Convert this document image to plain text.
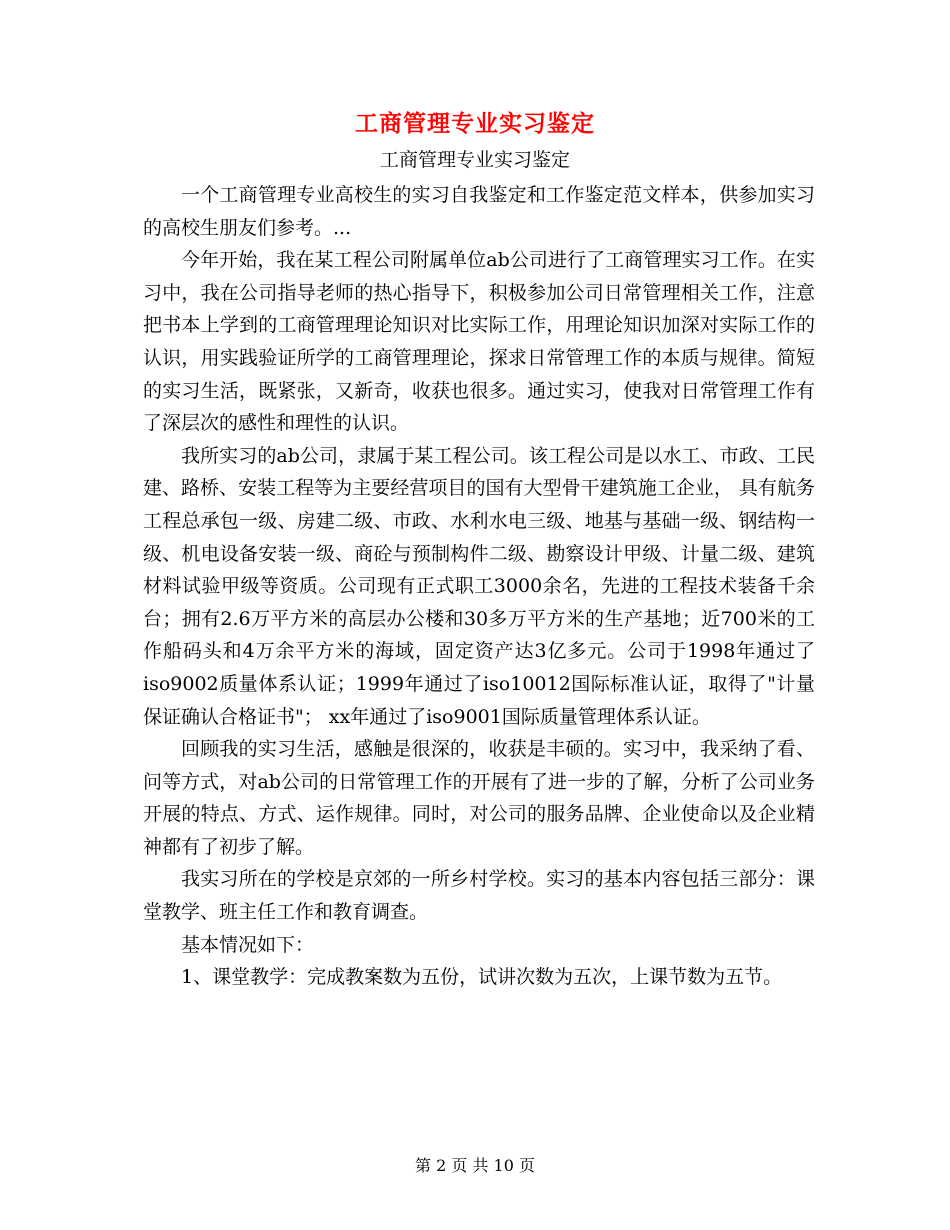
工商管理专业实习鉴定
工商管理专业实习鉴定

一个工商管理专业高校生的实习自我鉴定和工作鉴定范文样本，供参加实习的高校生朋友们参考。...

今年开始，我在某工程公司附属单位ab公司进行了工商管理实习工作。在实习中，我在公司指导老师的热心指导下，积极参加公司日常管理相关工作，注意把书本上学到的工商管理理论知识对比实际工作，用理论知识加深对实际工作的认识，用实践验证所学的工商管理理论，探求日常管理工作的本质与规律。简短的实习生活，既紧张，又新奇，收获也很多。通过实习，使我对日常管理工作有了深层次的感性和理性的认识。

我所实习的ab公司，隶属于某工程公司。该工程公司是以水工、市政、工民建、路桥、安装工程等为主要经营项目的国有大型骨干建筑施工企业， 具有航务工程总承包一级、房建二级、市政、水利水电三级、地基与基础一级、钢结构一级、机电设备安装一级、商砼与预制构件二级、勘察设计甲级、计量二级、建筑材料试验甲级等资质。公司现有正式职工3000余名，先进的工程技术装备千余台；拥有2.6万平方米的高层办公楼和30多万平方米的生产基地；近700米的工作船码头和4万余平方米的海域，固定资产达3亿多元。公司于1998年通过了iso9002质量体系认证；1999年通过了iso10012国际标准认证，取得了"计量保证确认合格证书"； xx年通过了iso9001国际质量管理体系认证。

回顾我的实习生活，感触是很深的，收获是丰硕的。实习中，我采纳了看、问等方式，对ab公司的日常管理工作的开展有了进一步的了解，分析了公司业务开展的特点、方式、运作规律。同时，对公司的服务品牌、企业使命以及企业精神都有了初步了解。

我实习所在的学校是京郊的一所乡村学校。实习的基本内容包括三部分：课堂教学、班主任工作和教育调查。

基本情况如下：

1、课堂教学：完成教案数为五份，试讲次数为五次，上课节数为五节。

第 2 页 共 10 页
